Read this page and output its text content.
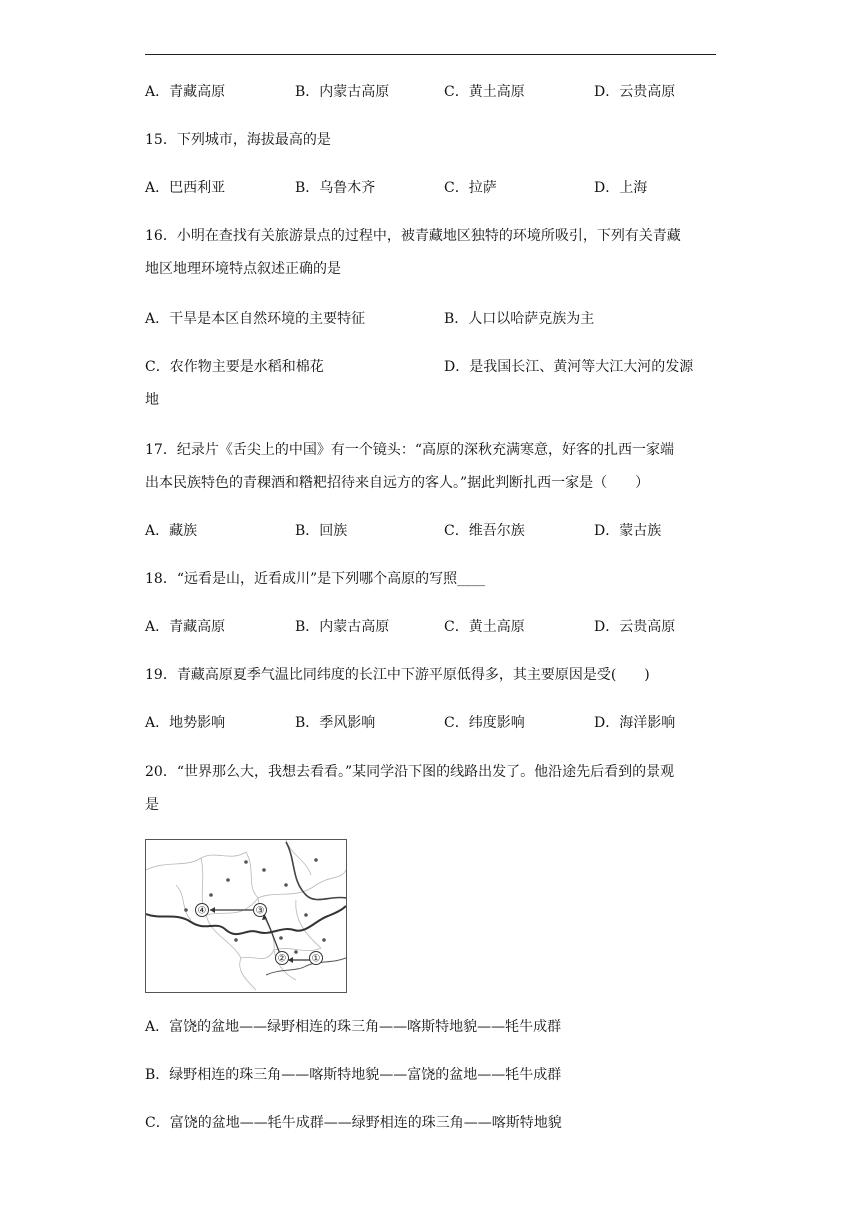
A．青藏高原	B．内蒙古高原	C．黄土高原	D．云贵高原
15．下列城市，海拔最高的是
A．巴西利亚	B．乌鲁木齐	C．拉萨	D．上海
16．小明在查找有关旅游景点的过程中，被青藏地区独特的环境所吸引，下列有关青藏
地区地理环境特点叙述正确的是
A．干旱是本区自然环境的主要特征	B．人口以哈萨克族为主
C．农作物主要是水稻和棉花	D．是我国长江、黄河等大江大河的发源
地
17．纪录片《舌尖上的中国》有一个镜头：“高原的深秋充满寒意，好客的扎西一家端
出本民族特色的青稞酒和糌粑招待来自远方的客人。”据此判断扎西一家是（　　）
A．藏族	B．回族	C．维吾尔族	D．蒙古族
18．“远看是山，近看成川”是下列哪个高原的写照____
A．青藏高原	B．内蒙古高原	C．黄土高原	D．云贵高原
19．青藏高原夏季气温比同纬度的长江中下游平原低得多，其主要原因是受(　　)
A．地势影响	B．季风影响	C．纬度影响	D．海洋影响
20．“世界那么大，我想去看看。”某同学沿下图的线路出发了。他沿途先后看到的景观
是
④	③
②	①
A．富饶的盆地——绿野相连的珠三角——喀斯特地貌——牦牛成群
B．绿野相连的珠三角——喀斯特地貌——富饶的盆地——牦牛成群
C．富饶的盆地——牦牛成群——绿野相连的珠三角——喀斯特地貌
